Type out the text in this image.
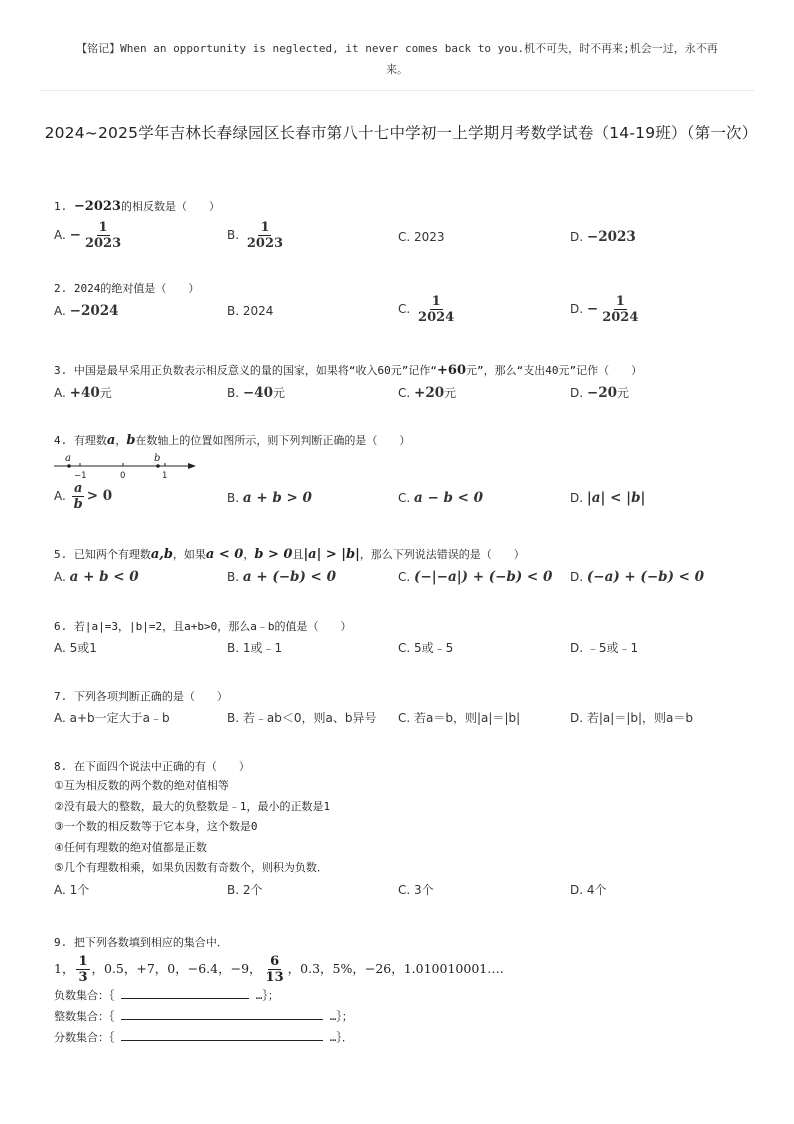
【铭记】When an opportunity is neglected, it never comes back to you.机不可失，时不再来;机会一过，永不再
来。
2024~2025学年吉林长春绿园区长春市第八十七中学初一上学期月考数学试卷（14-19班）（第一次）
1. −2023的相反数是（　　）
A. − $\frac{1}{2023}$	B. $\frac{1}{2023}$	C. 2023	D. −2023
2. 2024的绝对值是（　　）
A. −2024	B. 2024	C. $\frac{1}{2024}$	D. − $\frac{1}{2024}$
3. 中国是最早采用正负数表示相反意义的量的国家，如果将“收入60元”记作“+60元”，那么“支出40元”记作（　　）
A. +40元	B. −40元	C. +20元	D. −20元
4. 有理数a，b在数轴上的位置如图所示，则下列判断正确的是（　　）
a	b
−1	0	1
A. $\frac{a}{b} > 0$	B. a + b > 0	C. a − b < 0	D. |a| < |b|
5. 已知两个有理数a,b，如果a < 0，b > 0且|a| > |b|，那么下列说法错误的是（　　）
A. a + b < 0	B. a + (−b) < 0	C. (−|−a|) + (−b) < 0 D. (−a) + (−b) < 0
6. 若|a|=3，|b|=2，且a+b>0，那么a﹣b的值是（　　）
A. 5或1	B. 1或﹣1	C. 5或﹣5	D. ﹣5或﹣1
7. 下列各项判断正确的是（　　）
A. a+b一定大于a﹣b	B. 若﹣ab＜0，则a、b异号 C. 若a＝b，则|a|＝|b|	D. 若|a|＝|b|，则a＝b
8. 在下面四个说法中正确的有（　　）
①互为相反数的两个数的绝对值相等
②没有最大的整数，最大的负整数是﹣1，最小的正数是1
③一个数的相反数等于它本身，这个数是0
④任何有理数的绝对值都是正数
⑤几个有理数相乘，如果负因数有奇数个，则积为负数．
A. 1个	B. 2个	C. 3个	D. 4个
9. 把下列各数填到相应的集合中．
1， $\frac{1}{3}$ ，0.5，+7，0，−6.4，−9， $\frac{6}{13}$ ，0.3，5%，−26，1.010010001….
负数集合：｛	…｝；
整数集合：｛	…｝；
分数集合：｛	…｝．
